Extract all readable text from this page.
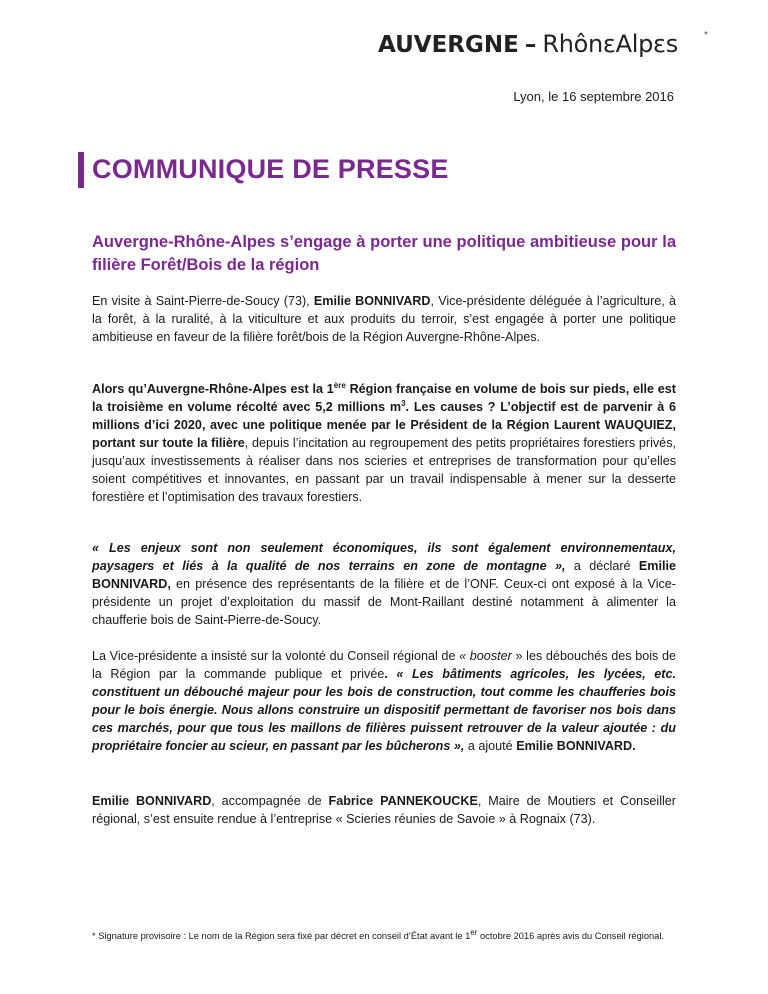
AUVERGNE – RhônεAlpεs	*
Lyon, le 16 septembre 2016
COMMUNIQUE DE PRESSE
Auvergne-Rhône-Alpes s’engage à porter une politique ambitieuse pour la filière Forêt/Bois de la région
En visite à Saint-Pierre-de-Soucy (73), Emilie BONNIVARD, Vice-présidente déléguée à l’agriculture, à la forêt, à la ruralité, à la viticulture et aux produits du terroir, s’est engagée à porter une politique ambitieuse en faveur de la filière forêt/bois de la Région Auvergne-Rhône-Alpes.
Alors qu’Auvergne-Rhône-Alpes est la 1ère Région française en volume de bois sur pieds, elle est la troisième en volume récolté avec 5,2 millions $m^3$. Les causes ? L’objectif est de parvenir à 6 millions d’ici 2020, avec une politique menée par le Président de la Région Laurent WAUQUIEZ, portant sur toute la filière, depuis l’incitation au regroupement des petits propriétaires forestiers privés, jusqu’aux investissements à réaliser dans nos scieries et entreprises de transformation pour qu’elles soient compétitives et innovantes, en passant par un travail indispensable à mener sur la desserte forestière et l’optimisation des travaux forestiers.
« Les enjeux sont non seulement économiques, ils sont également environnementaux, paysagers et liés à la qualité de nos terrains en zone de montagne », a déclaré Emilie BONNIVARD, en présence des représentants de la filière et de l’ONF. Ceux-ci ont exposé à la Vice-présidente un projet d’exploitation du massif de Mont-Raillant destiné notamment à alimenter la chaufferie bois de Saint-Pierre-de-Soucy.
La Vice-présidente a insisté sur la volonté du Conseil régional de « booster » les débouchés des bois de la Région par la commande publique et privée. « Les bâtiments agricoles, les lycées, etc. constituent un débouché majeur pour les bois de construction, tout comme les chaufferies bois pour le bois énergie. Nous allons construire un dispositif permettant de favoriser nos bois dans ces marchés, pour que tous les maillons de filières puissent retrouver de la valeur ajoutée : du propriétaire foncier au scieur, en passant par les bûcherons », a ajouté Emilie BONNIVARD.
Emilie BONNIVARD, accompagnée de Fabrice PANNEKOUCKE, Maire de Moutiers et Conseiller régional, s’est ensuite rendue à l’entreprise « Scieries réunies de Savoie » à Rognaix (73).
* Signature provisoire : Le nom de la Région sera fixé par décret en conseil d’État avant le 1er octobre 2016 après avis du Conseil régional.
